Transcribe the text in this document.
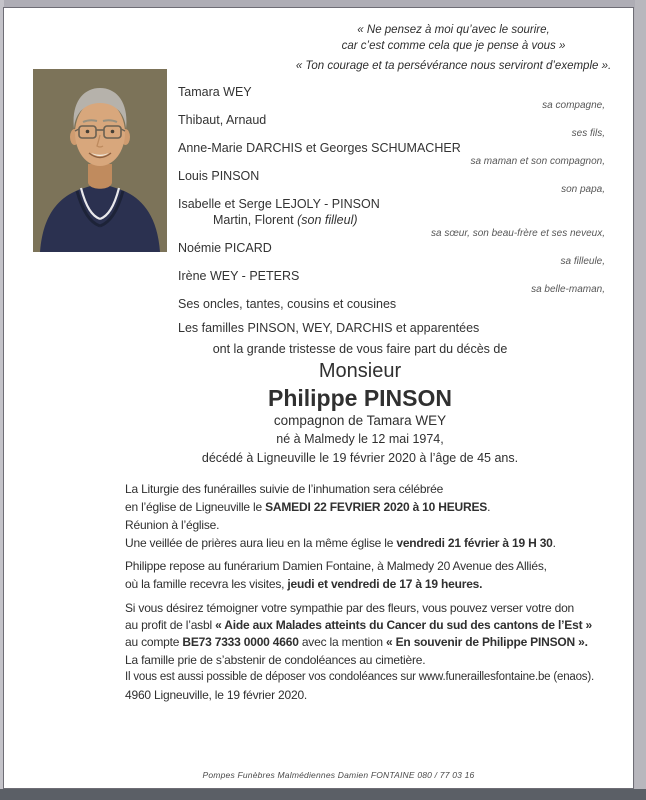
« Ne pensez à moi qu’avec le sourire,
car c’est comme cela que je pense à vous »
« Ton courage et ta persévérance nous serviront d’exemple ».
Tamara WEY
sa compagne,
Thibaut, Arnaud
ses fils,
Anne-Marie DARCHIS et Georges SCHUMACHER
sa maman et son compagnon,
Louis PINSON
son papa,
Isabelle et Serge LEJOLY - PINSON
Martin, Florent (son filleul)
sa sœur, son beau-frère et ses neveux,
Noémie PICARD
sa filleule,
Irène WEY - PETERS
sa belle-maman,
Ses oncles, tantes, cousins et cousines
Les familles PINSON, WEY, DARCHIS et apparentées

ont la grande tristesse de vous faire part du décès de

Monsieur

Philippe PINSON

compagnon de Tamara WEY

né à Malmedy le 12 mai 1974,
décédé à Ligneuville le 19 février 2020 à l’âge de 45 ans.

La Liturgie des funérailles suivie de l’inhumation sera célébrée
en l’église de Ligneuville le SAMEDI 22 FEVRIER 2020 à 10 HEURES.

Réunion à l’église.

Une veillée de prières aura lieu en la même église le vendredi 21 février à 19 H 30.

Philippe repose au funérarium Damien Fontaine, à Malmedy 20 Avenue des Alliés,
où la famille recevra les visites, jeudi et vendredi de 17 à 19 heures.
Si vous désirez témoigner votre sympathie par des fleurs, vous pouvez verser votre don
au profit de l’asbl « Aide aux Malades atteints du Cancer du sud des cantons de l’Est »
au compte BE73 7333 0000 4660 avec la mention « En souvenir de Philippe PINSON ».

La famille prie de s’abstenir de condoléances au cimetière.

Il vous est aussi possible de déposer vos condoléances sur www.funeraillesfontaine.be (enaos).

4960 Ligneuville, le 19 février 2020.

Pompes Funèbres Malmédiennes Damien FONTAINE 080 / 77 03 16
